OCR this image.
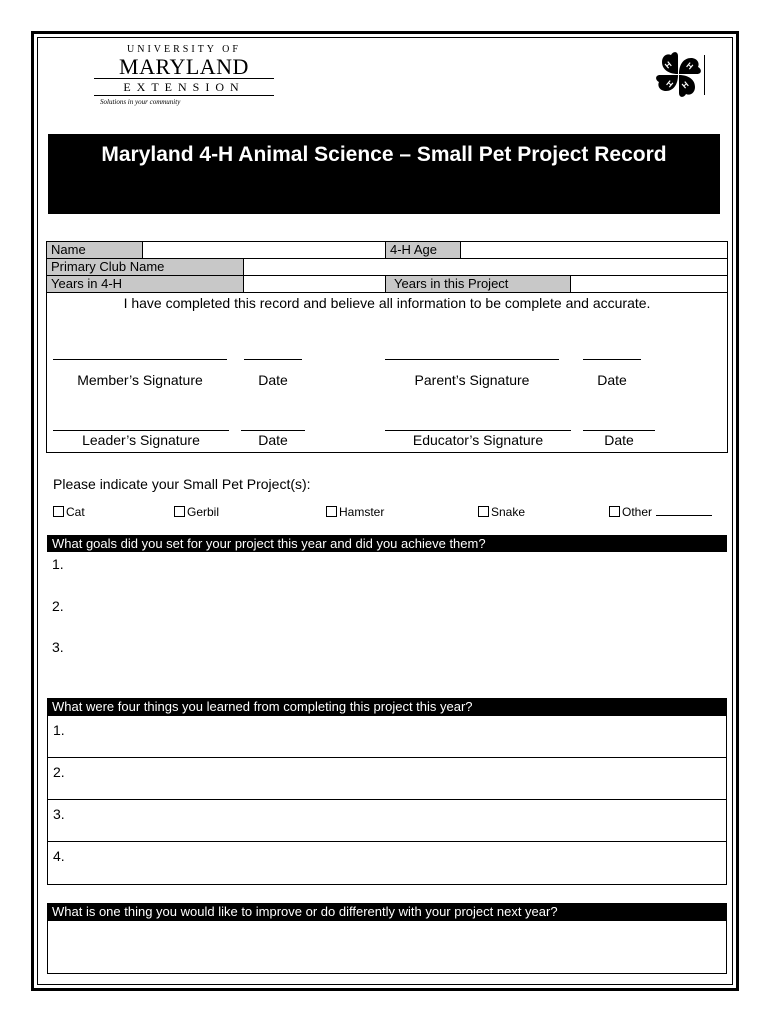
UNIVERSITY OF
MARYLAND
EXTENSION
Solutions in your community
H H
H
H
Maryland 4-H Animal Science – Small Pet Project Record
Name	4-H Age
Primary Club Name
Years in 4-H	Years in this Project
I have completed this record and believe all information to be complete and accurate.
Member’s Signature	Date	Parent’s Signature	Date
Leader’s Signature	Date	Educator’s Signature	Date
Please indicate your Small Pet Project(s):
Cat	Gerbil	Hamster	Snake	Other
What goals did you set for your project this year and did you achieve them?
1.
2.
3.
What were four things you learned from completing this project this year?
1.
2.
3.
4.
What is one thing you would like to improve or do differently with your project next year?
